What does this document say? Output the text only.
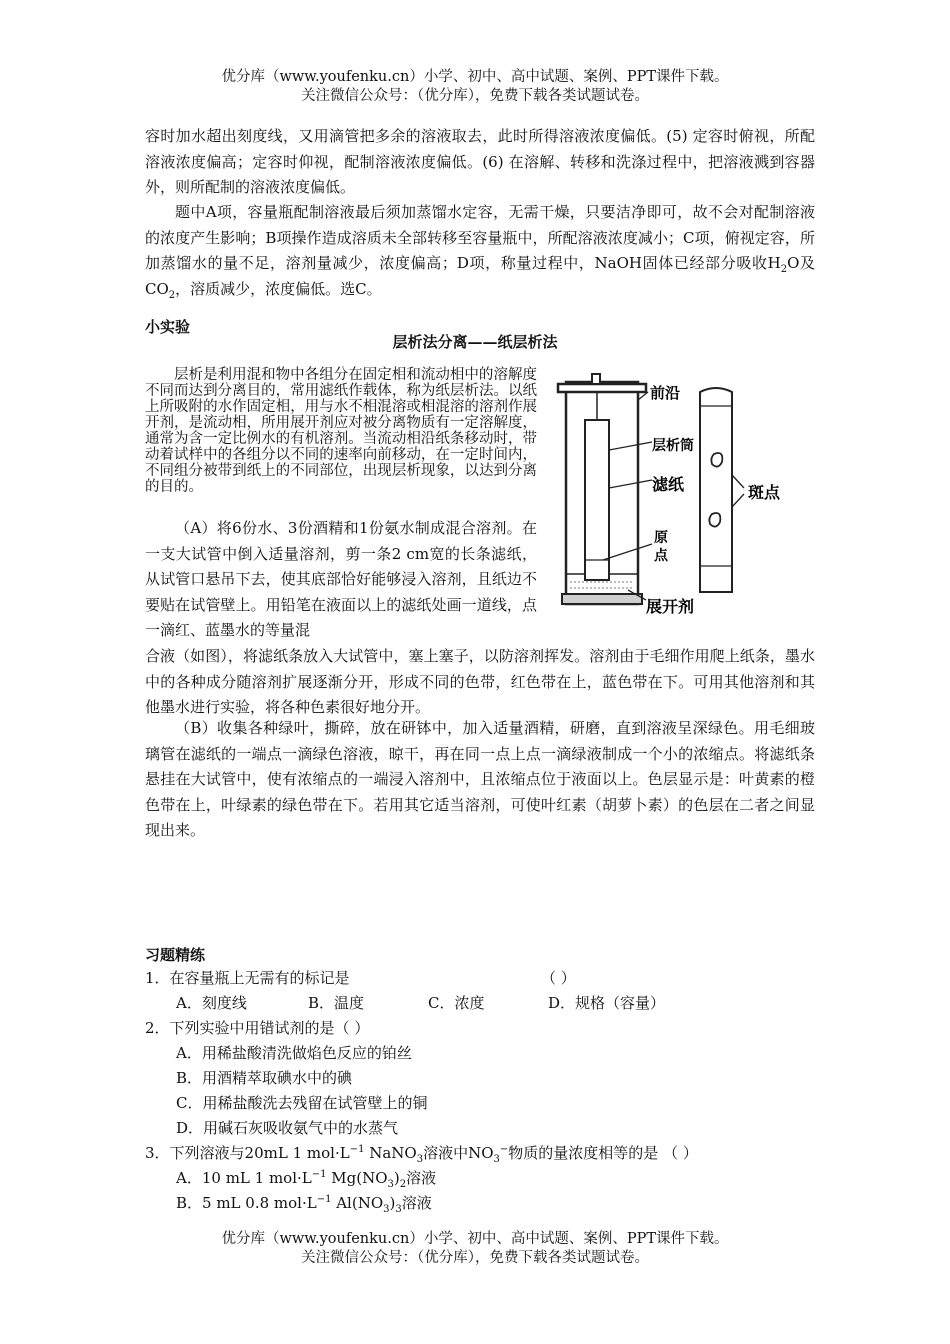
优分库（www.youfenku.cn）小学、初中、高中试题、案例、PPT课件下载。
关注微信公众号：（优分库），免费下载各类试题试卷。

容时加水超出刻度线，又用滴管把多余的溶液取去，此时所得溶液浓度偏低。(5) 定容时俯视，所配溶液浓度偏高；定容时仰视，配制溶液浓度偏低。(6) 在溶解、转移和洗涤过程中，把溶液溅到容器外，则所配制的溶液浓度偏低。

题中A项，容量瓶配制溶液最后须加蒸馏水定容，无需干燥，只要洁净即可，故不会对配制溶液的浓度产生影响；B项操作造成溶质未全部转移至容量瓶中，所配溶液浓度减小；C项，俯视定容，所加蒸馏水的量不足，溶剂量减少，浓度偏高；D项，称量过程中，NaOH固体已经部分吸收$H_2O$及$CO_2$，溶质减少，浓度偏低。选C。

小实验
层析法分离——纸层析法

层析是利用混和物中各组分在固定相和流动相中的溶解度不同而达到分离目的，常用滤纸作载体，称为纸层析法。以纸上所吸附的水作固定相，用与水不相混溶或相混溶的溶剂作展开剂，是流动相，所用展开剂应对被分离物质有一定溶解度，通常为含一定比例水的有机溶剂。当流动相沿纸条移动时，带动着试样中的各组分以不同的速率向前移动，在一定时间内，不同组分被带到纸上的不同部位，出现层析现象，以达到分离的目的。

（A）将6份水、3份酒精和1份氨水制成混合溶剂。在一支大试管中倒入适量溶剂，剪一条2 cm宽的长条滤纸，从试管口悬吊下去，使其底部恰好能够浸入溶剂，且纸边不要贴在试管壁上。用铅笔在液面以上的滤纸处画一道线，点一滴红、蓝墨水的等量混

合液（如图），将滤纸条放入大试管中，塞上塞子，以防溶剂挥发。溶剂由于毛细作用爬上纸条，墨水中的各种成分随溶剂扩展逐渐分开，形成不同的色带，红色带在上，蓝色带在下。可用其他溶剂和其他墨水进行实验，将各种色素很好地分开。

（B）收集各种绿叶，撕碎，放在研钵中，加入适量酒精，研磨，直到溶液呈深绿色。用毛细玻璃管在滤纸的一端点一滴绿色溶液，晾干，再在同一点上点一滴绿液制成一个小的浓缩点。将滤纸条悬挂在大试管中，使有浓缩点的一端浸入溶剂中，且浓缩点位于液面以上。色层显示是：叶黄素的橙色带在上，叶绿素的绿色带在下。若用其它适当溶剂，可使叶红素（胡萝卜素）的色层在二者之间显现出来。

前沿
层析筒
滤纸
原
点
展开剂
斑点
习题精练

1．在容量瓶上无需有的标记是	（ ）

A．刻度线	B．温度	C．浓度	D．规格（容量）

2．下列实验中用错试剂的是（ ）

A．用稀盐酸清洗做焰色反应的铂丝

B．用酒精萃取碘水中的碘

C．用稀盐酸洗去残留在试管壁上的铜

D．用碱石灰吸收氨气中的水蒸气

3．下列溶液与20mL 1 $mol\cdot L^{-1}$ NaNO$_3$溶液中$NO_3^-$物质的量浓度相等的是 （ ）

A．10 mL 1 $mol\cdot L^{-1}$ $Mg(NO_3)_2$溶液

B．5 mL 0.8 $mol\cdot L^{-1}$ $Al(NO_3)_3$溶液

优分库（www.youfenku.cn）小学、初中、高中试题、案例、PPT课件下载。
关注微信公众号：（优分库），免费下载各类试题试卷。
